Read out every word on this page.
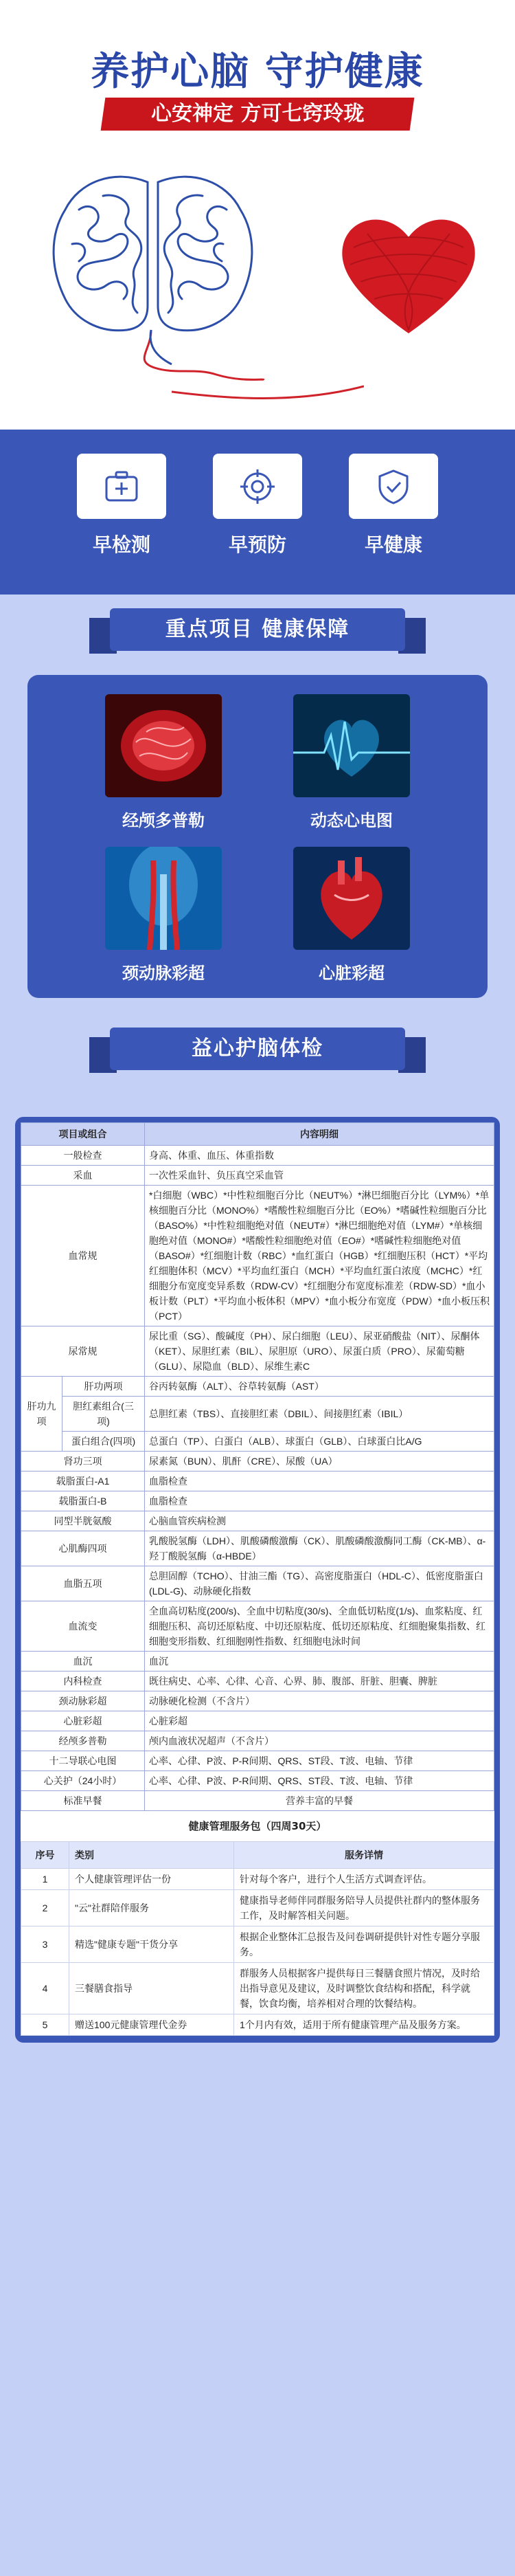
养护心脑 守护健康
心安神定 方可七窍玲珑
早检测	早预防	早健康
重点项目 健康保障
经颅多普勒	动态心电图
颈动脉彩超	心脏彩超
益心护脑体检
项目或组合		内容明细
一般检查		身高、体重、血压、体重指数
采血		一次性采血针、负压真空采血管
血常规		*白细胞（WBC）*中性粒细胞百分比（NEUT%）*淋巴细胞百分比（LYM%）*单核细胞百分比（MONO%）*嗜酸性粒细胞百分比（EO%）*嗜碱性粒细胞百分比（BASO%）*中性粒细胞绝对值（NEUT#）*淋巴细胞绝对值（LYM#）*单核细胞绝对值（MONO#）*嗜酸性粒细胞绝对值（EO#）*嗜碱性粒细胞绝对值（BASO#）*红细胞计数（RBC）*血红蛋白（HGB）*红细胞压积（HCT）*平均红细胞体积（MCV）*平均血红蛋白（MCH）*平均血红蛋白浓度（MCHC）*红细胞分布宽度变异系数（RDW-CV）*红细胞分布宽度标准差（RDW-SD）*血小板计数（PLT）*平均血小板体积（MPV）*血小板分布宽度（PDW）*血小板压积（PCT）
尿常规		尿比重（SG）、酸碱度（PH）、尿白细胞（LEU）、尿亚硝酸盐（NIT）、尿酮体（KET）、尿胆红素（BIL）、尿胆原（URO）、尿蛋白质（PRO）、尿葡萄糖（GLU）、尿隐血（BLD）、尿维生素C
肝功九项	肝功两项	谷丙转氨酶（ALT）、谷草转氨酶（AST）
	胆红素组合(三项)	总胆红素（TBS）、直接胆红素（DBIL）、间接胆红素（IBIL）
	蛋白组合(四项)	总蛋白（TP）、白蛋白（ALB）、球蛋白（GLB）、白球蛋白比A/G
肾功三项		尿素氮（BUN）、肌酐（CRE）、尿酸（UA）
载脂蛋白-A1		血脂检查
载脂蛋白-B		血脂检查
同型半胱氨酸		心脑血管疾病检测
心肌酶四项		乳酸脱氢酶（LDH）、肌酸磷酸激酶（CK）、肌酸磷酸激酶同工酶（CK-MB）、α-羟丁酸脱氢酶（α-HBDE）
血脂五项		总胆固醇（TCHO）、甘油三酯（TG）、高密度脂蛋白（HDL-C）、低密度脂蛋白(LDL-G)、动脉硬化指数
血流变		全血高切粘度(200/s)、全血中切粘度(30/s)、全血低切粘度(1/s)、血浆粘度、红细胞压积、高切还原粘度、中切还原粘度、低切还原粘度、红细胞聚集指数、红细胞变形指数、红细胞刚性指数、红细胞电泳时间
血沉		血沉
内科检查		既往病史、心率、心律、心音、心界、肺、腹部、肝脏、胆囊、脾脏
颈动脉彩超		动脉硬化检测（不含片）
心脏彩超		心脏彩超
经颅多普勒		颅内血液状况超声（不含片）
十二导联心电图		心率、心律、P波、P-R间期、QRS、ST段、T波、电轴、节律
心关护（24小时）		心率、心律、P波、P-R间期、QRS、ST段、T波、电轴、节律
标准早餐		营养丰富的早餐
健康管理服务包（四周30天）
序号	类别	服务详情
1	个人健康管理评估一份	针对每个客户，进行个人生活方式调查评估。
2	"云"社群陪伴服务	健康指导老师伴同群服务陪导人员提供社群内的整体服务工作，及时解答相关问题。
3	精选"健康专题"干货分享	根据企业整体汇总报告及问卷调研提供针对性专题分享服务。
4	三餐膳食指导	群服务人员根据客户提供每日三餐膳食照片情况，及时给出指导意见及建议，及时调整饮食结构和搭配，科学就餐，饮食均衡，培养相对合理的饮餐结构。
5	赠送100元健康管理代金券	1个月内有效，适用于所有健康管理产品及服务方案。
